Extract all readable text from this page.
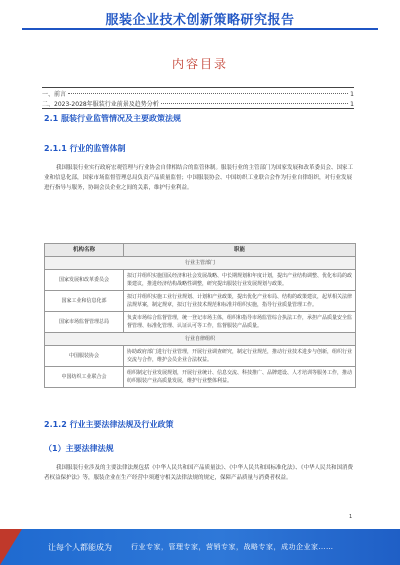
服装企业技术创新策略研究报告
内容目录
一、前言	1
二、2023-2028年服装行业前景及趋势分析	1
2.1 服装行业监管情况及主要政策法规
2.1.1 行业的监管体制

我国服装行业实行政府宏观管理与行业协会自律相结合的监管体制。服装行业的主管部门为国家发展和改革委员会、国家工业和信息化部，国家市场监督管理总局负责产品质量监督；中国服装协会、中国纺织工业联合会作为行业自律组织，对行业发展进行指导与服务，协调会员企业之间的关系，维护行业利益。

机构名称	职能
行业主管部门	
国家发展和改革委员会	拟订并组织实施国民经济和社会发展战略、中长期规划和年度计划，提出产业结构调整、优化布局的政策建议，推进经济结构战略性调整，研究提出服装行业发展规划与政策。
国家工业和信息化部	拟订并组织实施工业行业规划、计划和产业政策，提出优化产业布局、结构的政策建议，起草相关法律法规草案，制定规章，拟订行业技术规范和标准并组织实施，指导行业质量管理工作。
国家市场监督管理总局	负责市场综合监督管理，统一登记市场主体，组织和指导市场监管综合执法工作，承担产品质量安全监督管理、标准化管理、认证认可等工作，监督服装产品质量。
行业自律组织	
中国服装协会	协助政府部门进行行业管理，开展行业调查研究，制定行业规范，推动行业技术进步与创新，组织行业交流与合作，维护会员企业合法权益。
中国纺织工业联合会	组织制定行业发展规划，开展行业统计、信息交流、科技推广、品牌建设、人才培训等服务工作，推动纺织服装产业高质量发展，维护行业整体利益。
2.1.2 行业主要法律法规及行业政策
（1）主要法律法规

我国服装行业涉及的主要法律法规包括《中华人民共和国产品质量法》、《中华人民共和国标准化法》、《中华人民共和国消费者权益保护法》等，服装企业在生产经营中须遵守相关法律法规的规定，保障产品质量与消费者权益。

1
让每个人都能成为	行业专家，管理专家，营销专家，战略专家，成功企业家……
